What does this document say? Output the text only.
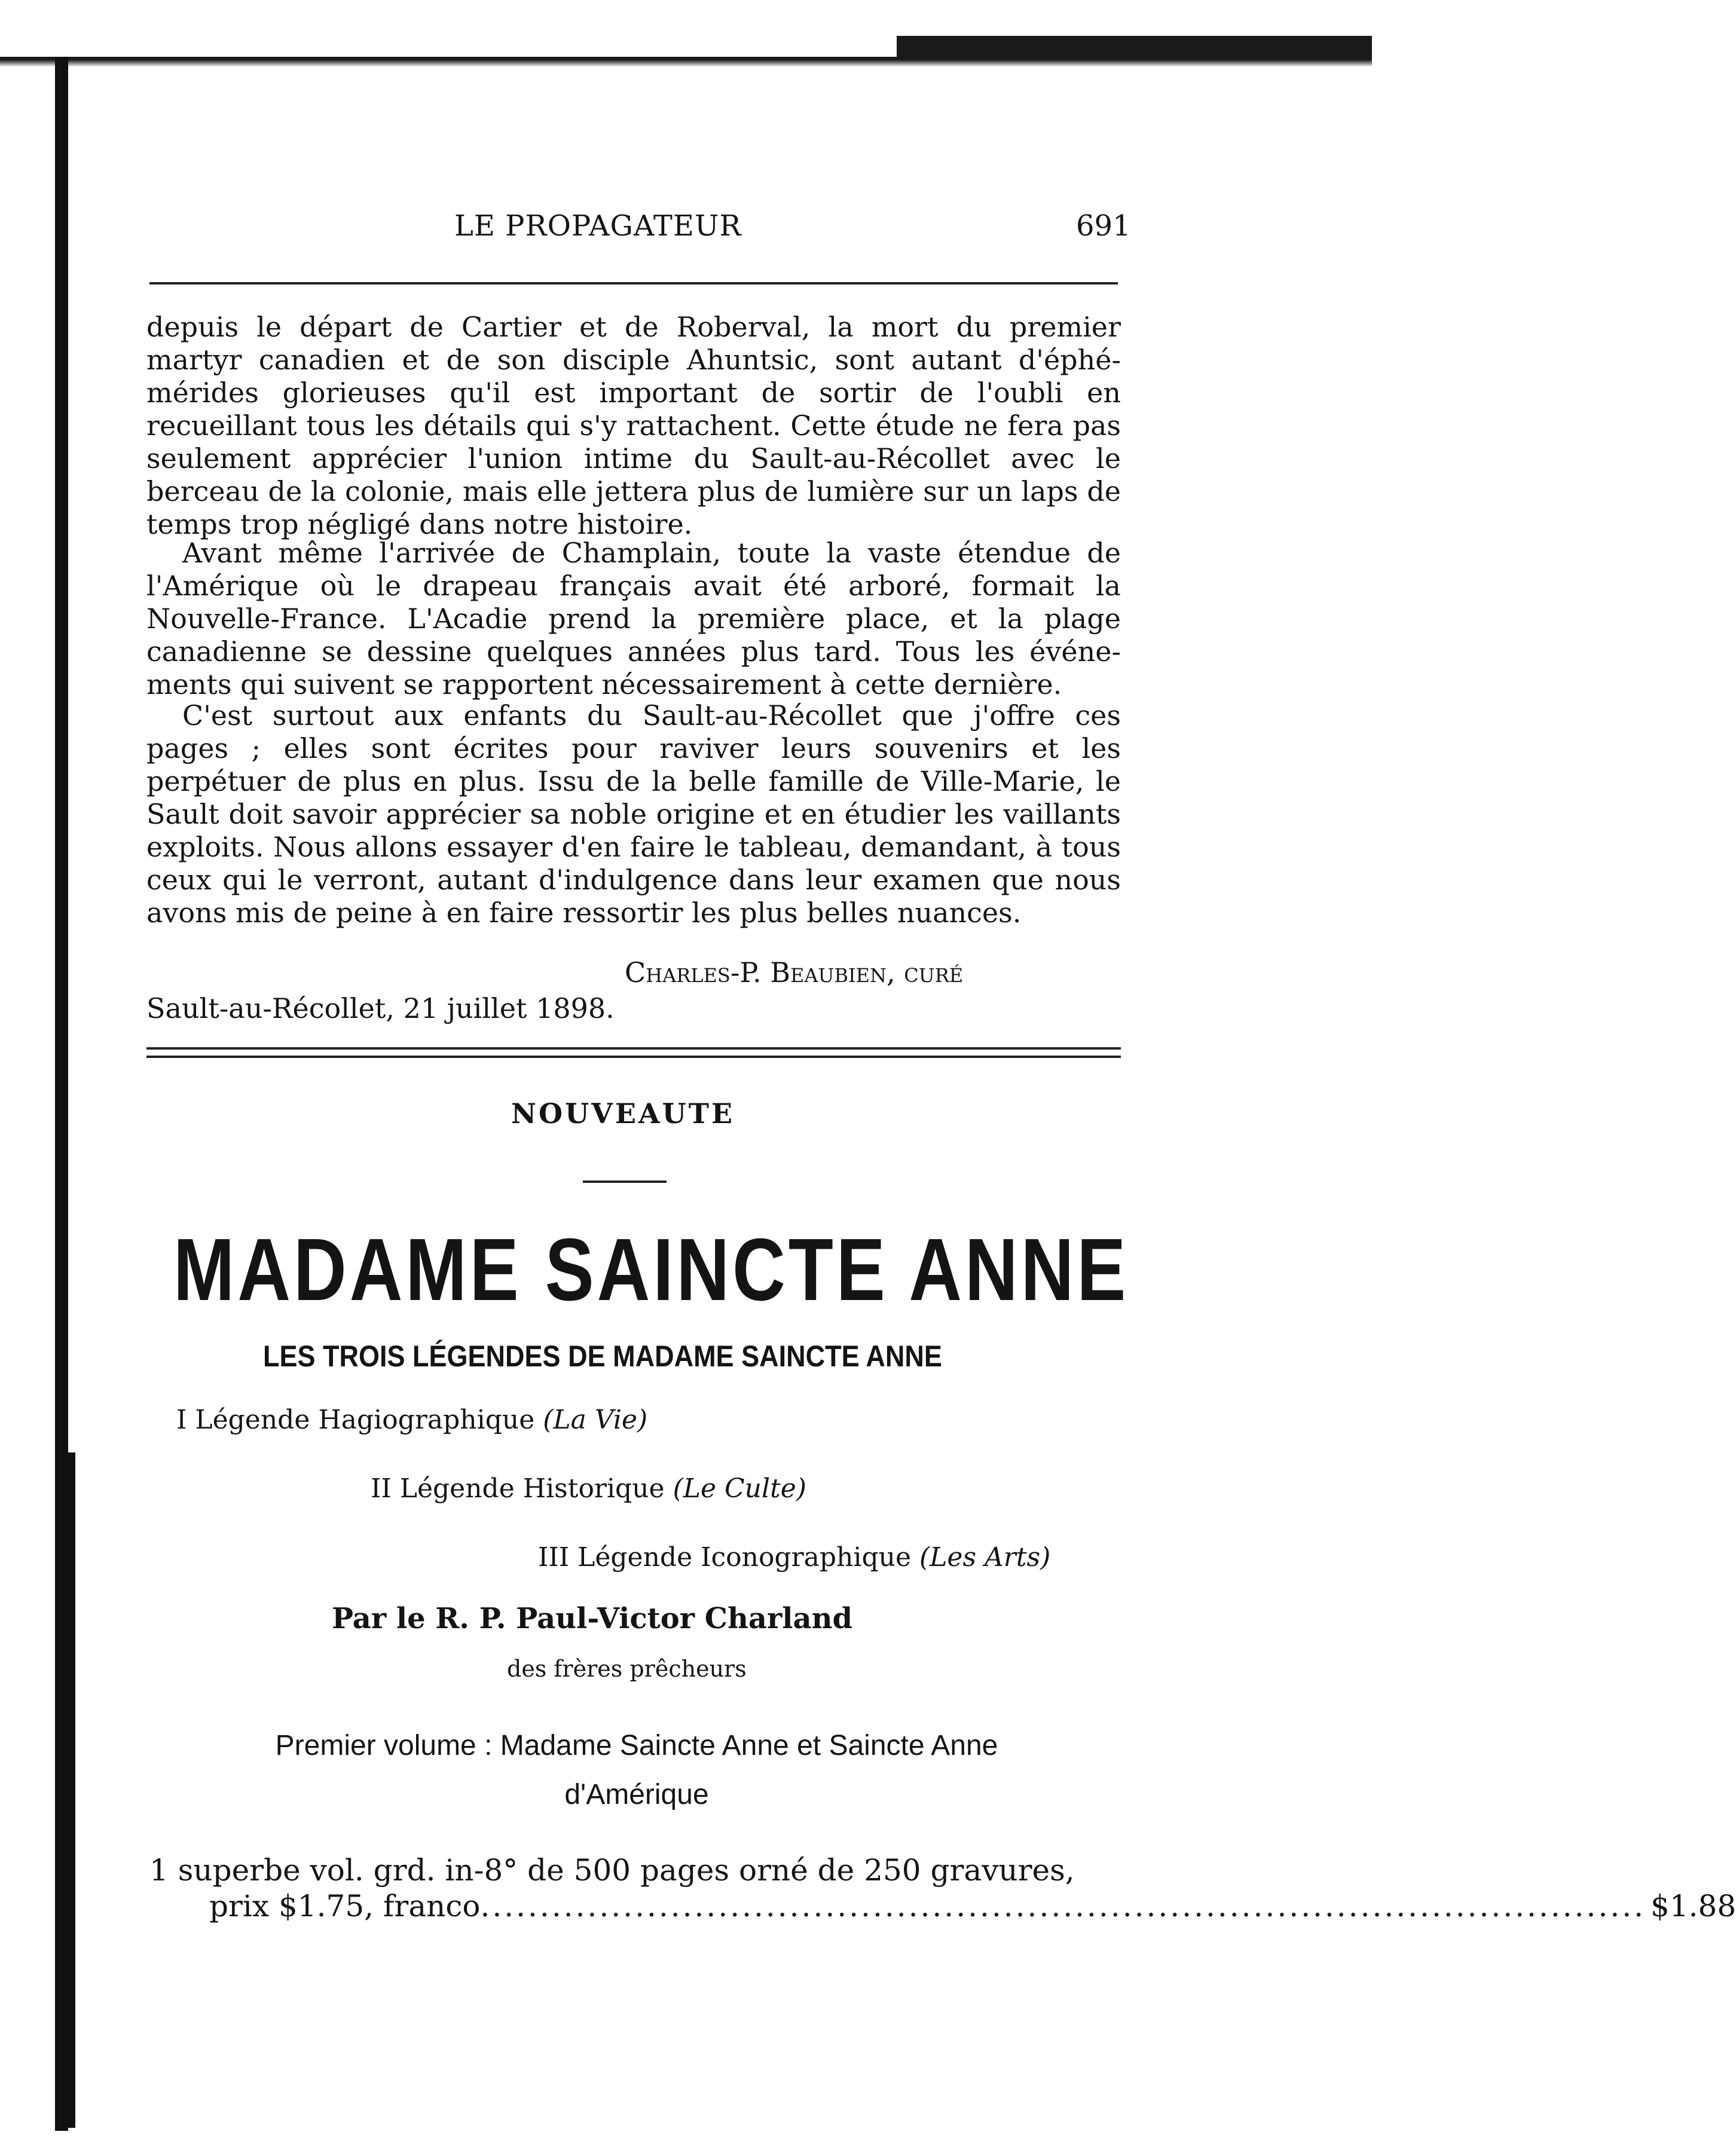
LE PROPAGATEUR	691

depuis le départ de Cartier et de Roberval, la mort du premier martyr canadien et de son disciple Ahuntsic, sont autant d'éphé-mérides glorieuses qu'il est important de sortir de l'oubli en recueillant tous les détails qui s'y rattachent. Cette étude ne fera pas seulement apprécier l'union intime du Sault-au-Récollet avec le berceau de la colonie, mais elle jettera plus de lumière sur un laps de temps trop négligé dans notre histoire.

Avant même l'arrivée de Champlain, toute la vaste étendue de l'Amérique où le drapeau français avait été arboré, formait la Nouvelle-France. L'Acadie prend la première place, et la plage canadienne se dessine quelques années plus tard. Tous les événe-ments qui suivent se rapportent nécessairement à cette dernière.

C'est surtout aux enfants du Sault-au-Récollet que j'offre ces pages ; elles sont écrites pour raviver leurs souvenirs et les perpétuer de plus en plus. Issu de la belle famille de Ville-Marie, le Sault doit savoir apprécier sa noble origine et en étudier les vaillants exploits. Nous allons essayer d'en faire le tableau, demandant, à tous ceux qui le verront, autant d'indulgence dans leur examen que nous avons mis de peine à en faire ressortir les plus belles nuances.

Charles-P. Beaubien, curé
Sault-au-Récollet, 21 juillet 1898.
NOUVEAUTE
MADAME SAINCTE ANNE
LES TROIS LÉGENDES DE MADAME SAINCTE ANNE
I Légende Hagiographique (La Vie)
II Légende Historique (Le Culte)
III Légende Iconographique (Les Arts)
Par le R. P. Paul-Victor Charland
des frères prêcheurs
Premier volume : Madame Saincte Anne et Saincte Anne
d'Amérique
1 superbe vol. grd. in-8° de 500 pages orné de 250 gravures,
prix $1.75, franco .................................................................................................. $1.88
